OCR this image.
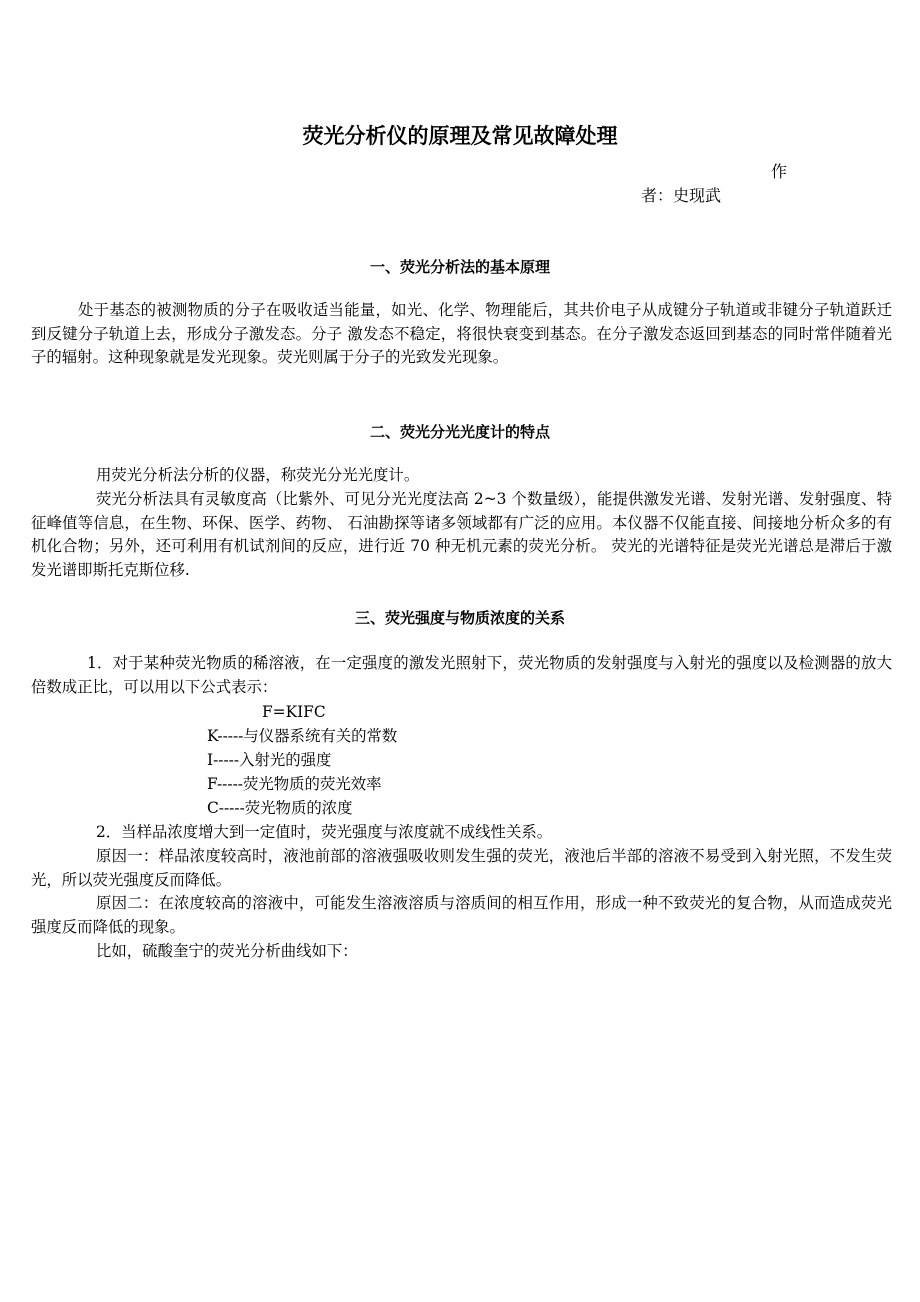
荧光分析仪的原理及常见故障处理
作
者：史现武
一、荧光分析法的基本原理
处于基态的被测物质的分子在吸收适当能量，如光、化学、物理能后，其共价电子从成键分子轨道或非键分子轨道跃迁到反键分子轨道上去，形成分子激发态。分子 激发态不稳定，将很快衰变到基态。在分子激发态返回到基态的同时常伴随着光子的辐射。这种现象就是发光现象。荧光则属于分子的光致发光现象。
二、荧光分光光度计的特点
用荧光分析法分析的仪器，称荧光分光光度计。
荧光分析法具有灵敏度高（比紫外、可见分光光度法高 2~3 个数量级），能提供激发光谱、发射光谱、发射强度、特征峰值等信息，在生物、环保、医学、药物、 石油勘探等诸多领域都有广泛的应用。本仪器不仅能直接、间接地分析众多的有机化合物；另外，还可利用有机试剂间的反应，进行近 70 种无机元素的荧光分析。 荧光的光谱特征是荧光光谱总是滞后于激发光谱即斯托克斯位移.
三、荧光强度与物质浓度的关系
1．对于某种荧光物质的稀溶液，在一定强度的激发光照射下，荧光物质的发射强度与入射光的强度以及检测器的放大倍数成正比，可以用以下公式表示：
F=KIFC
K-----与仪器系统有关的常数
I-----入射光的强度
F-----荧光物质的荧光效率
C-----荧光物质的浓度
2．当样品浓度增大到一定值时，荧光强度与浓度就不成线性关系。
原因一：样品浓度较高时，液池前部的溶液强吸收则发生强的荧光，液池后半部的溶液不易受到入射光照，不发生荧光，所以荧光强度反而降低。
原因二：在浓度较高的溶液中，可能发生溶液溶质与溶质间的相互作用，形成一种不致荧光的复合物，从而造成荧光强度反而降低的现象。
比如，硫酸奎宁的荧光分析曲线如下：
